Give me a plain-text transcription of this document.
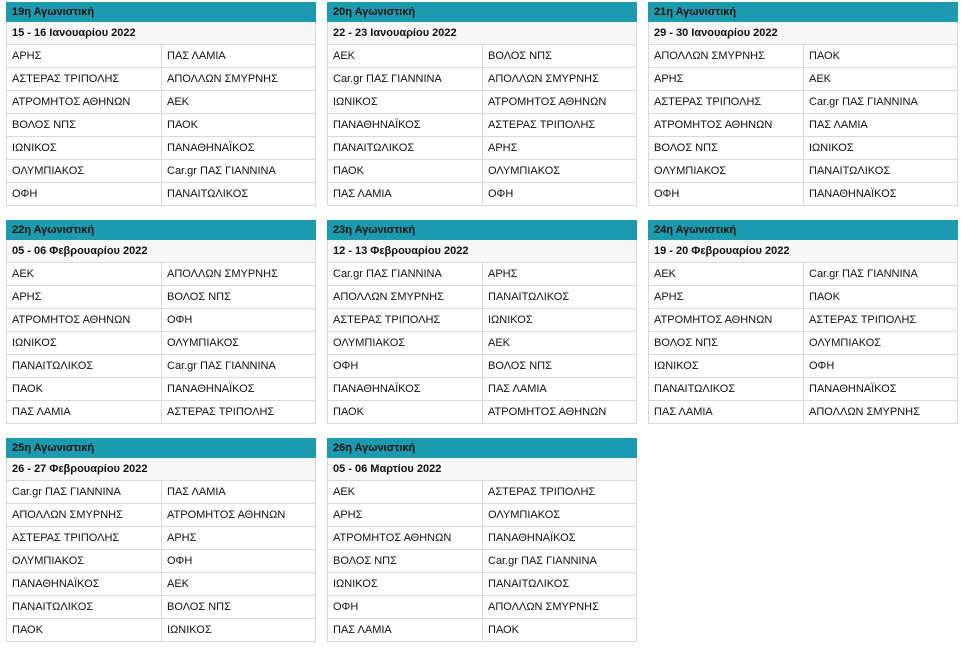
19η Αγωνιστική
15 - 16 Ιανουαρίου 2022
ΑΡΗΣ	ΠΑΣ ΛΑΜΙΑ
ΑΣΤΕΡΑΣ ΤΡΙΠΟΛΗΣ	ΑΠΟΛΛΩΝ ΣΜΥΡΝΗΣ
ΑΤΡΟΜΗΤΟΣ ΑΘΗΝΩΝ	ΑΕΚ
ΒΟΛΟΣ ΝΠΣ	ΠΑΟΚ
ΙΩΝΙΚΟΣ	ΠΑΝΑΘΗΝΑΪΚΟΣ
ΟΛΥΜΠΙΑΚΟΣ	Car.gr ΠΑΣ ΓΙΑΝΝΙΝΑ
ΟΦΗ	ΠΑΝΑΙΤΩΛΙΚΟΣ
20η Αγωνιστική
22 - 23 Ιανουαρίου 2022
ΑΕΚ	ΒΟΛΟΣ ΝΠΣ
Car.gr ΠΑΣ ΓΙΑΝΝΙΝΑ	ΑΠΟΛΛΩΝ ΣΜΥΡΝΗΣ
ΙΩΝΙΚΟΣ	ΑΤΡΟΜΗΤΟΣ ΑΘΗΝΩΝ
ΠΑΝΑΘΗΝΑΪΚΟΣ	ΑΣΤΕΡΑΣ ΤΡΙΠΟΛΗΣ
ΠΑΝΑΙΤΩΛΙΚΟΣ	ΑΡΗΣ
ΠΑΟΚ	ΟΛΥΜΠΙΑΚΟΣ
ΠΑΣ ΛΑΜΙΑ	ΟΦΗ
21η Αγωνιστική
29 - 30 Ιανουαρίου 2022
ΑΠΟΛΛΩΝ ΣΜΥΡΝΗΣ	ΠΑΟΚ
ΑΡΗΣ	ΑΕΚ
ΑΣΤΕΡΑΣ ΤΡΙΠΟΛΗΣ	Car.gr ΠΑΣ ΓΙΑΝΝΙΝΑ
ΑΤΡΟΜΗΤΟΣ ΑΘΗΝΩΝ	ΠΑΣ ΛΑΜΙΑ
ΒΟΛΟΣ ΝΠΣ	ΙΩΝΙΚΟΣ
ΟΛΥΜΠΙΑΚΟΣ	ΠΑΝΑΙΤΩΛΙΚΟΣ
ΟΦΗ	ΠΑΝΑΘΗΝΑΪΚΟΣ
22η Αγωνιστική
05 - 06 Φεβρουαρίου 2022
ΑΕΚ	ΑΠΟΛΛΩΝ ΣΜΥΡΝΗΣ
ΑΡΗΣ	ΒΟΛΟΣ ΝΠΣ
ΑΤΡΟΜΗΤΟΣ ΑΘΗΝΩΝ	ΟΦΗ
ΙΩΝΙΚΟΣ	ΟΛΥΜΠΙΑΚΟΣ
ΠΑΝΑΙΤΩΛΙΚΟΣ	Car.gr ΠΑΣ ΓΙΑΝΝΙΝΑ
ΠΑΟΚ	ΠΑΝΑΘΗΝΑΪΚΟΣ
ΠΑΣ ΛΑΜΙΑ	ΑΣΤΕΡΑΣ ΤΡΙΠΟΛΗΣ
23η Αγωνιστική
12 - 13 Φεβρουαρίου 2022
Car.gr ΠΑΣ ΓΙΑΝΝΙΝΑ	ΑΡΗΣ
ΑΠΟΛΛΩΝ ΣΜΥΡΝΗΣ	ΠΑΝΑΙΤΩΛΙΚΟΣ
ΑΣΤΕΡΑΣ ΤΡΙΠΟΛΗΣ	ΙΩΝΙΚΟΣ
ΟΛΥΜΠΙΑΚΟΣ	ΑΕΚ
ΟΦΗ	ΒΟΛΟΣ ΝΠΣ
ΠΑΝΑΘΗΝΑΪΚΟΣ	ΠΑΣ ΛΑΜΙΑ
ΠΑΟΚ	ΑΤΡΟΜΗΤΟΣ ΑΘΗΝΩΝ
24η Αγωνιστική
19 - 20 Φεβρουαρίου 2022
ΑΕΚ	Car.gr ΠΑΣ ΓΙΑΝΝΙΝΑ
ΑΡΗΣ	ΠΑΟΚ
ΑΤΡΟΜΗΤΟΣ ΑΘΗΝΩΝ	ΑΣΤΕΡΑΣ ΤΡΙΠΟΛΗΣ
ΒΟΛΟΣ ΝΠΣ	ΟΛΥΜΠΙΑΚΟΣ
ΙΩΝΙΚΟΣ	ΟΦΗ
ΠΑΝΑΙΤΩΛΙΚΟΣ	ΠΑΝΑΘΗΝΑΪΚΟΣ
ΠΑΣ ΛΑΜΙΑ	ΑΠΟΛΛΩΝ ΣΜΥΡΝΗΣ
25η Αγωνιστική
26 - 27 Φεβρουαρίου 2022
Car.gr ΠΑΣ ΓΙΑΝΝΙΝΑ	ΠΑΣ ΛΑΜΙΑ
ΑΠΟΛΛΩΝ ΣΜΥΡΝΗΣ	ΑΤΡΟΜΗΤΟΣ ΑΘΗΝΩΝ
ΑΣΤΕΡΑΣ ΤΡΙΠΟΛΗΣ	ΑΡΗΣ
ΟΛΥΜΠΙΑΚΟΣ	ΟΦΗ
ΠΑΝΑΘΗΝΑΪΚΟΣ	ΑΕΚ
ΠΑΝΑΙΤΩΛΙΚΟΣ	ΒΟΛΟΣ ΝΠΣ
ΠΑΟΚ	ΙΩΝΙΚΟΣ
26η Αγωνιστική
05 - 06 Μαρτίου 2022
ΑΕΚ	ΑΣΤΕΡΑΣ ΤΡΙΠΟΛΗΣ
ΑΡΗΣ	ΟΛΥΜΠΙΑΚΟΣ
ΑΤΡΟΜΗΤΟΣ ΑΘΗΝΩΝ	ΠΑΝΑΘΗΝΑΪΚΟΣ
ΒΟΛΟΣ ΝΠΣ	Car.gr ΠΑΣ ΓΙΑΝΝΙΝΑ
ΙΩΝΙΚΟΣ	ΠΑΝΑΙΤΩΛΙΚΟΣ
ΟΦΗ	ΑΠΟΛΛΩΝ ΣΜΥΡΝΗΣ
ΠΑΣ ΛΑΜΙΑ	ΠΑΟΚ
